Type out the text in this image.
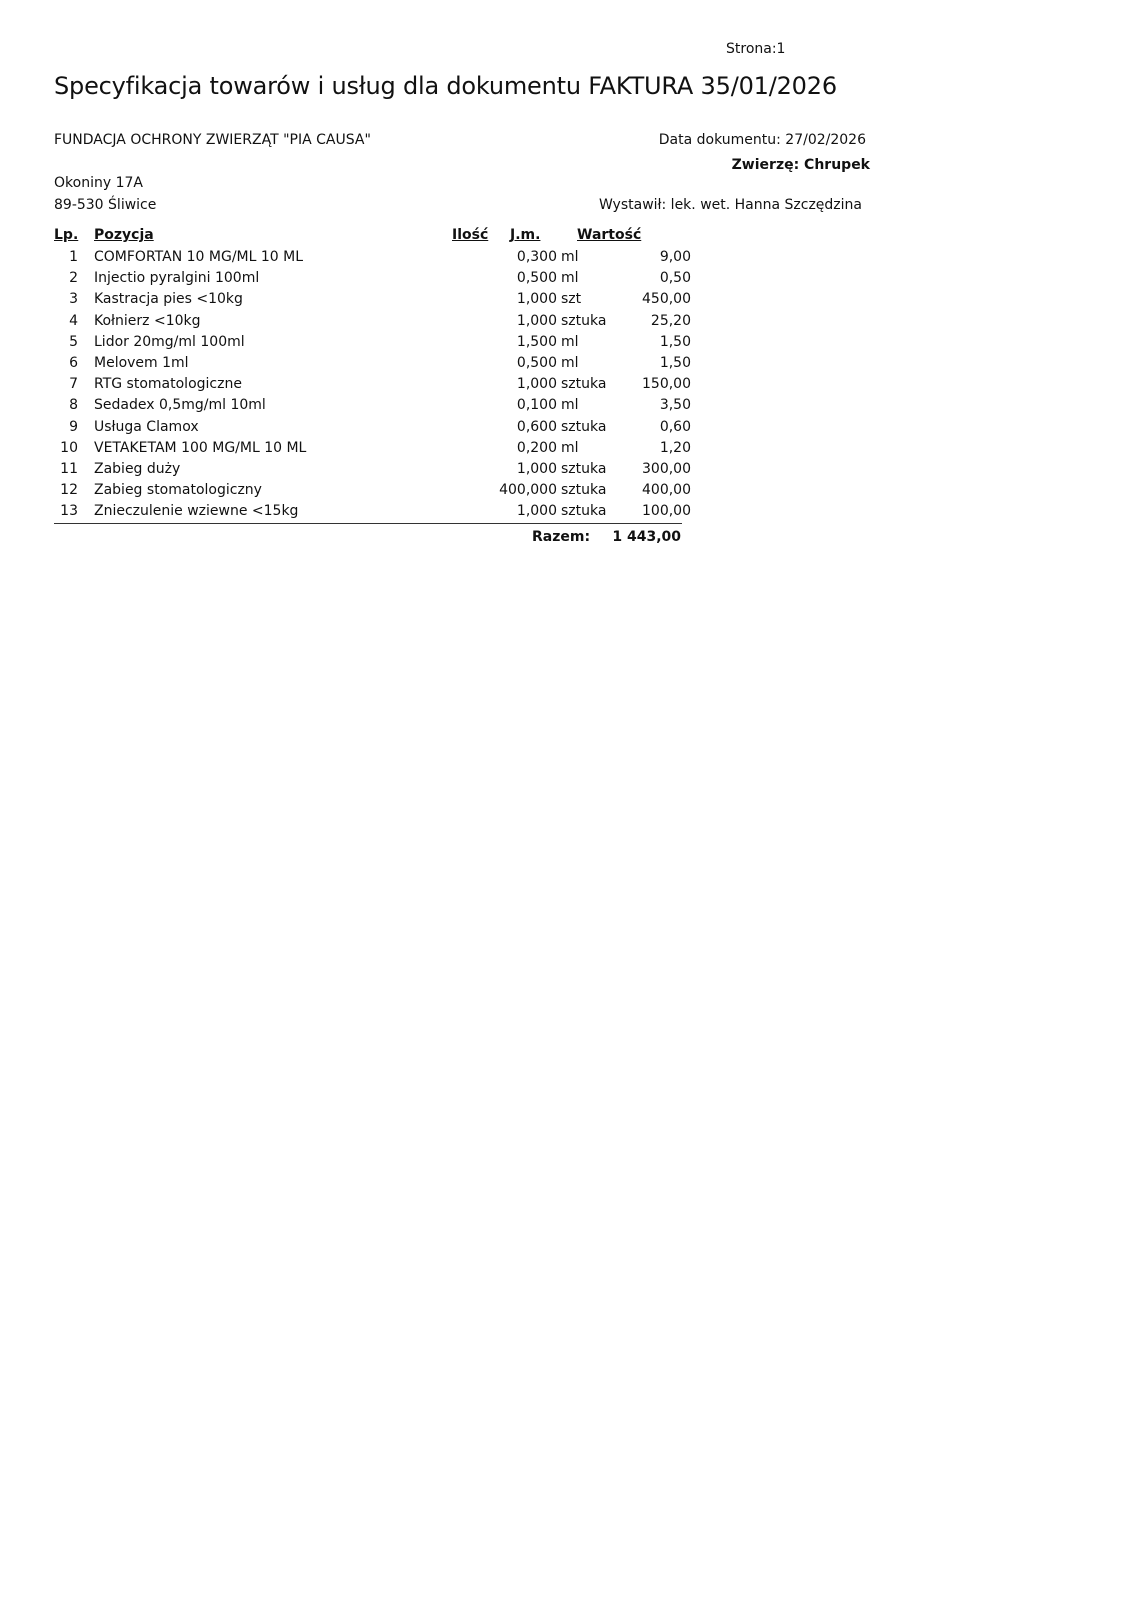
Strona:1
Specyfikacja towarów i usług dla dokumentu FAKTURA 35/01/2026
FUNDACJA OCHRONY ZWIERZĄT "PIA CAUSA"	Data dokumentu: 27/02/2026
Zwierzę: Chrupek
Okoniny 17A
89-530 Śliwice	Wystawił: lek. wet. Hanna Szczędzina
Lp. Pozycja	Ilość J.m.	Wartość
1 COMFORTAN 10 MG/ML 10 ML	0,300 ml	9,00
2 Injectio pyralgini 100ml	0,500 ml	0,50
3 Kastracja pies <10kg	1,000 szt	450,00
4 Kołnierz <10kg	1,000 sztuka	25,20
5 Lidor 20mg/ml 100ml	1,500 ml	1,50
6 Melovem 1ml	0,500 ml	1,50
7 RTG stomatologiczne	1,000 sztuka	150,00
8 Sedadex 0,5mg/ml 10ml	0,100 ml	3,50
9 Usługa Clamox	0,600 sztuka	0,60
10 VETAKETAM 100 MG/ML 10 ML	0,200 ml	1,20
11 Zabieg duży	1,000 sztuka	300,00
12 Zabieg stomatologiczny	400,000 sztuka	400,00
13 Znieczulenie wziewne <15kg	1,000 sztuka	100,00
Razem: 1 443,00
